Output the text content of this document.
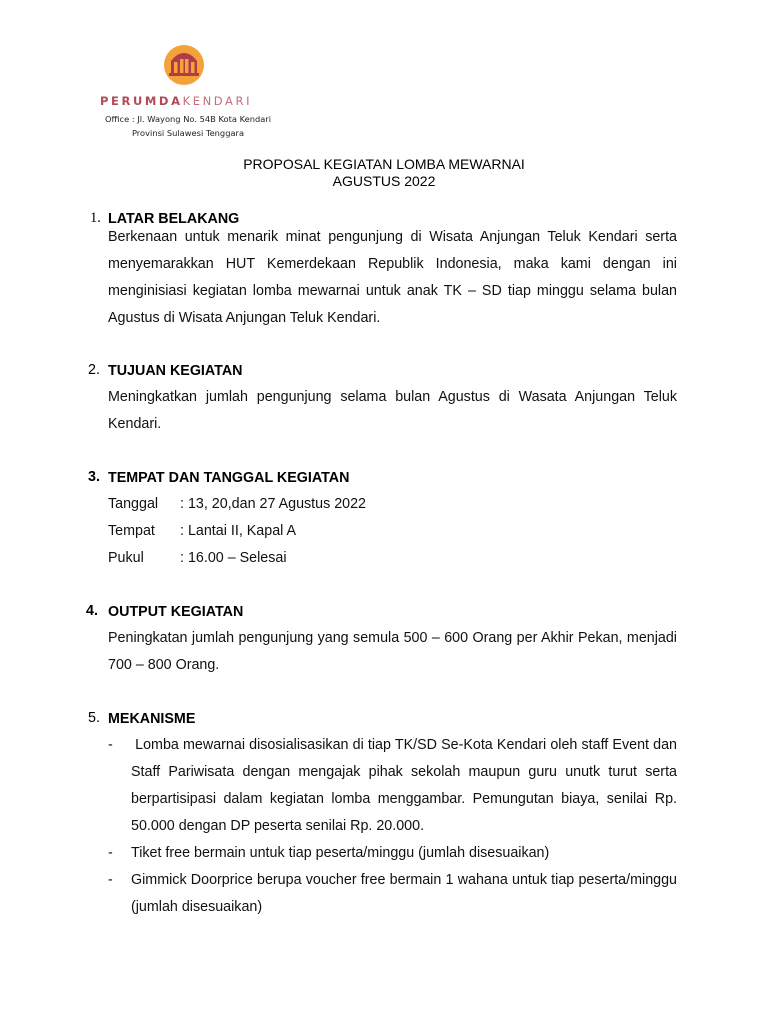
PERUMDAKENDARI
Office : Jl. Wayong No. 54B Kota Kendari
Provinsi Sulawesi Tenggara
PROPOSAL KEGIATAN LOMBA MEWARNAI
AGUSTUS 2022
1. LATAR BELAKANG
Berkenaan untuk menarik minat pengunjung di Wisata Anjungan Teluk Kendari serta menyemarakkan HUT Kemerdekaan Republik Indonesia, maka kami dengan ini menginisiasi kegiatan lomba mewarnai untuk anak TK – SD tiap minggu selama bulan Agustus di Wisata Anjungan Teluk Kendari.
2. TUJUAN KEGIATAN
Meningkatkan jumlah pengunjung selama bulan Agustus di Wasata Anjungan Teluk Kendari.
3. TEMPAT DAN TANGGAL KEGIATAN
Tanggal : 13, 20,dan 27 Agustus 2022
Tempat : Lantai II, Kapal A
Pukul	: 16.00 – Selesai
4. OUTPUT KEGIATAN
Peningkatan jumlah pengunjung yang semula 500 – 600 Orang per Akhir Pekan, menjadi 700 – 800 Orang.
5. MEKANISME
- Lomba mewarnai disosialisasikan di tiap TK/SD Se-Kota Kendari oleh staff Event dan Staff Pariwisata dengan mengajak pihak sekolah maupun guru unutk turut serta berpartisipasi dalam kegiatan lomba menggambar. Pemungutan biaya, senilai Rp. 50.000 dengan DP peserta senilai Rp. 20.000.
- Tiket free bermain untuk tiap peserta/minggu (jumlah disesuaikan)
- Gimmick Doorprice berupa voucher free bermain 1 wahana untuk tiap peserta/minggu (jumlah disesuaikan)
